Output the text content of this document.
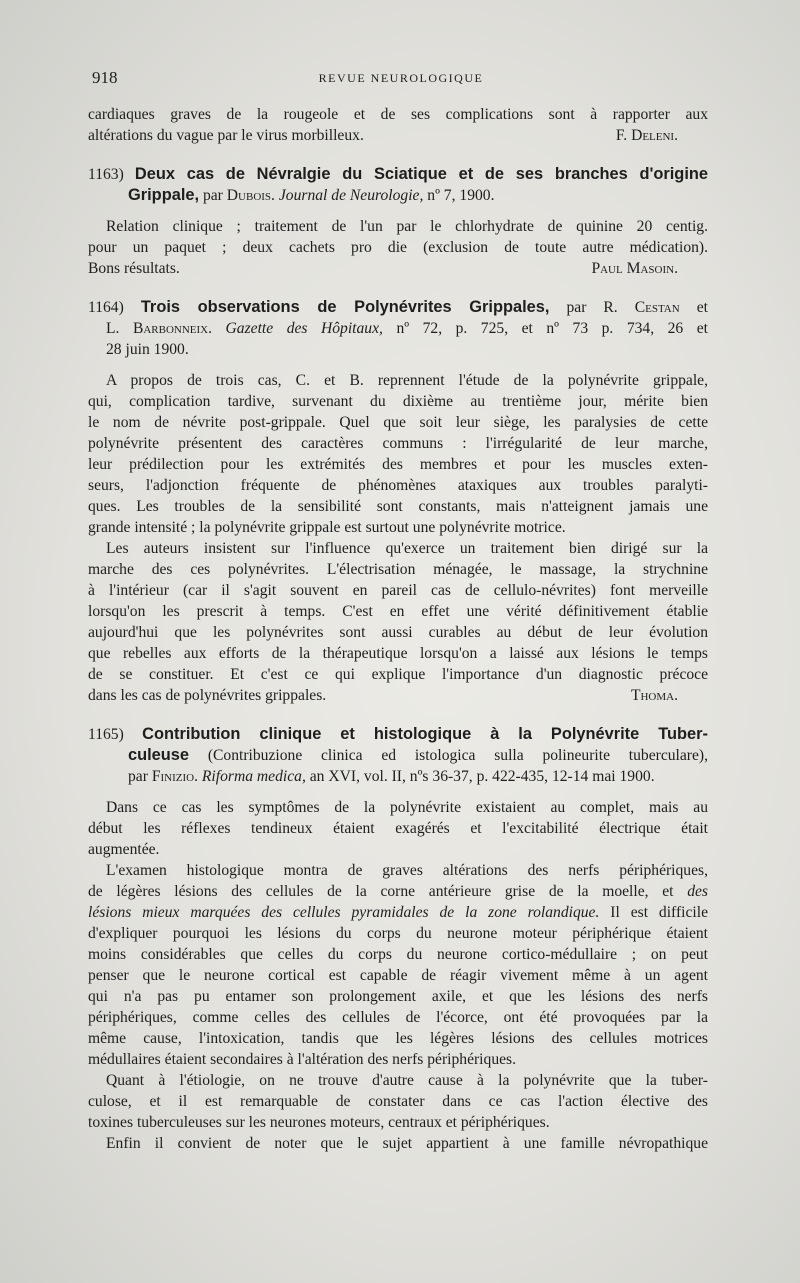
918	REVUE NEUROLOGIQUE

cardiaques graves de la rougeole et de ses complications sont à rapporter aux

altérations du vague par le virus morbilleux.	F. Deleni.

1163) Deux cas de Névralgie du Sciatique et de ses branches d'origine

Grippale, par Dubois. Journal de Neurologie, nº 7, 1900.

Relation clinique ; traitement de l'un par le chlorhydrate de quinine 20 centig.

pour un paquet ; deux cachets pro die (exclusion de toute autre médication).

Bons résultats.	Paul Masoin.

1164) Trois observations de Polynévrites Grippales, par R. Cestan et

L. Barbonneix. Gazette des Hôpitaux, nº 72, p. 725, et nº 73 p. 734, 26 et

28 juin 1900.

A propos de trois cas, C. et B. reprennent l'étude de la polynévrite grippale,

qui, complication tardive, survenant du dixième au trentième jour, mérite bien

le nom de névrite post-grippale. Quel que soit leur siège, les paralysies de cette

polynévrite présentent des caractères communs : l'irrégularité de leur marche,

leur prédilection pour les extrémités des membres et pour les muscles exten-

seurs, l'adjonction fréquente de phénomènes ataxiques aux troubles paralyti-

ques. Les troubles de la sensibilité sont constants, mais n'atteignent jamais une

grande intensité ; la polynévrite grippale est surtout une polynévrite motrice.

Les auteurs insistent sur l'influence qu'exerce un traitement bien dirigé sur la

marche des ces polynévrites. L'électrisation ménagée, le massage, la strychnine

à l'intérieur (car il s'agit souvent en pareil cas de cellulo-névrites) font merveille

lorsqu'on les prescrit à temps. C'est en effet une vérité définitivement établie

aujourd'hui que les polynévrites sont aussi curables au début de leur évolution

que rebelles aux efforts de la thérapeutique lorsqu'on a laissé aux lésions le temps

de se constituer. Et c'est ce qui explique l'importance d'un diagnostic précoce

dans les cas de polynévrites grippales.	Thoma.

1165) Contribution clinique et histologique à la Polynévrite Tuber-

culeuse (Contribuzione clinica ed istologica sulla polineurite tuberculare),

par Finizio. Riforma medica, an XVI, vol. II, nºs 36-37, p. 422-435, 12-14 mai 1900.

Dans ce cas les symptômes de la polynévrite existaient au complet, mais au

début les réflexes tendineux étaient exagérés et l'excitabilité électrique était

augmentée.

L'examen histologique montra de graves altérations des nerfs périphériques,

de légères lésions des cellules de la corne antérieure grise de la moelle, et des

lésions mieux marquées des cellules pyramidales de la zone rolandique. Il est difficile

d'expliquer pourquoi les lésions du corps du neurone moteur périphérique étaient

moins considérables que celles du corps du neurone cortico-médullaire ; on peut

penser que le neurone cortical est capable de réagir vivement même à un agent

qui n'a pas pu entamer son prolongement axile, et que les lésions des nerfs

périphériques, comme celles des cellules de l'écorce, ont été provoquées par la

même cause, l'intoxication, tandis que les légères lésions des cellules motrices

médullaires étaient secondaires à l'altération des nerfs périphériques.

Quant à l'étiologie, on ne trouve d'autre cause à la polynévrite que la tuber-

culose, et il est remarquable de constater dans ce cas l'action élective des

toxines tuberculeuses sur les neurones moteurs, centraux et périphériques.

Enfin il convient de noter que le sujet appartient à une famille névropathique
